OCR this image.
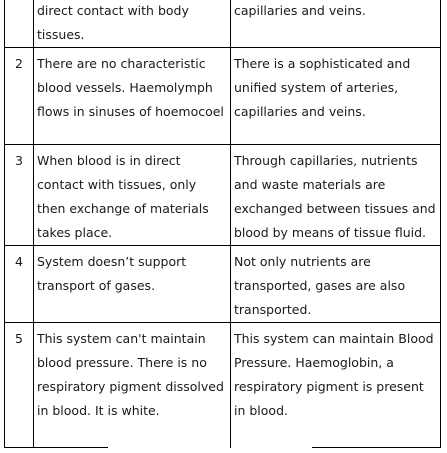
	direct contact with body tissues.	capillaries and veins.
2	There are no characteristic blood vessels. Haemolymph flows in sinuses of hoemocoel	There is a sophisticated and unified system of arteries, capillaries and veins.
3	When blood is in direct contact with tissues, only then exchange of materials takes place.	Through capillaries, nutrients and waste materials are exchanged between tissues and blood by means of tissue fluid.
4	System doesn’t support transport of gases.	Not only nutrients are transported, gases are also transported.
5	This system can't maintain blood pressure. There is no respiratory pigment dissolved in blood. It is white.	This system can maintain Blood Pressure. Haemoglobin, a respiratory pigment is present in blood.
